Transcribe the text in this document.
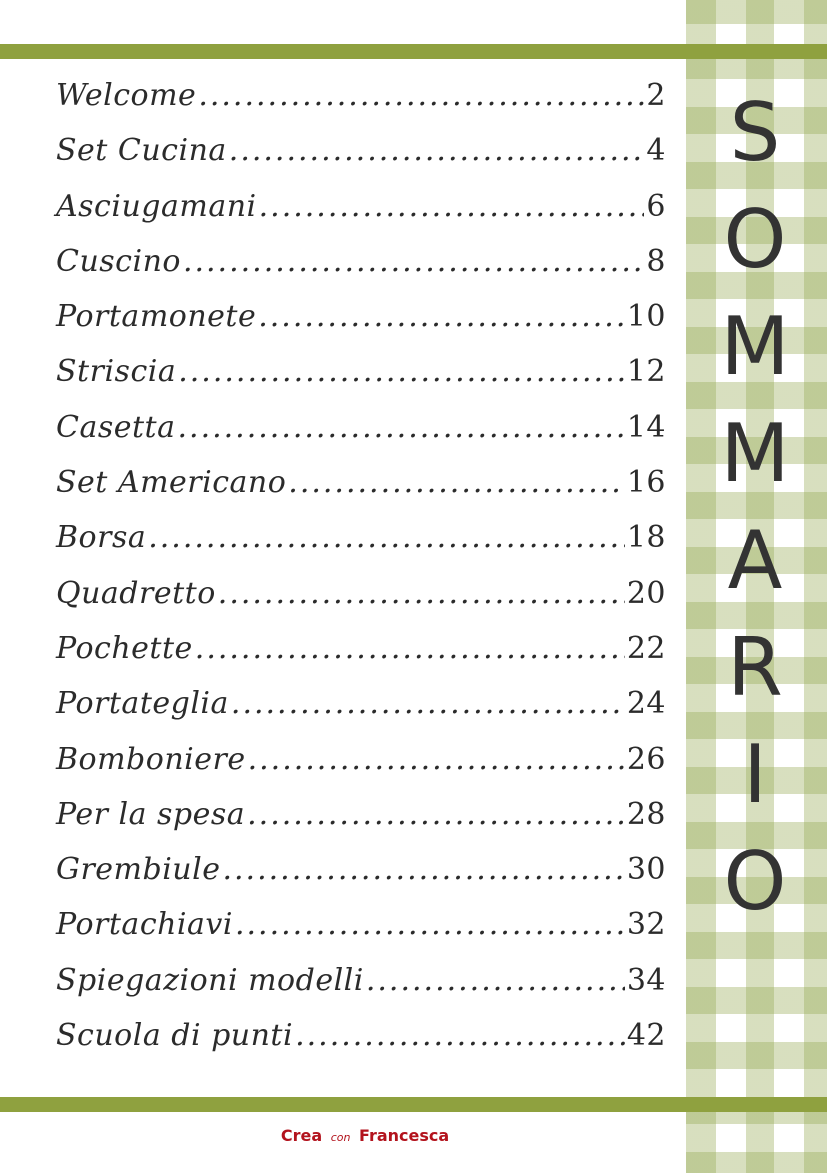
Welcome .....	2
Set Cucina .....	4
Asciugamani .....	6
Cuscino .....	8
Portamonete .....	10
Striscia .....	12
Casetta .....	14
Set Americano .....	16
Borsa .....	18
Quadretto .....	20
Pochette .....	22
Portateglia .....	24
Bomboniere .....	26
Per la spesa .....	28
Grembiule .....	30
Portachiavi .....	32
Spiegazioni modelli .....	34
Scuola di punti .....	42
S
O
M
M
A
R
I
O
Crea con Francesca
